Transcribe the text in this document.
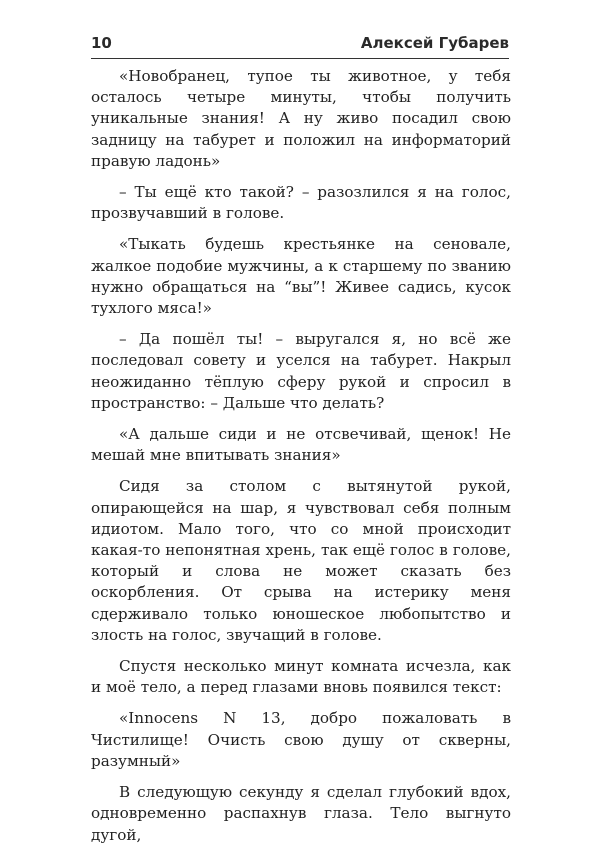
10	Алексей Губарев

«Новобранец, тупое ты животное, у тебя осталось четыре минуты, чтобы получить уникальные знания! А ну живо посадил свою задницу на табурет и положил на информаторий правую ладонь»

– Ты ещё кто такой? – разозлился я на голос, прозвучавший в голове.

«Тыкать будешь крестьянке на сеновале, жалкое подобие мужчины, а к старшему по званию нужно обращаться на “вы”! Живее садись, кусок тухлого мяса!»

– Да пошёл ты! – выругался я, но всё же последовал совету и уселся на табурет. Накрыл неожиданно тёплую сферу рукой и спросил в пространство: – Дальше что делать?

«А дальше сиди и не отсвечивай, щенок! Не мешай мне впитывать знания»

Сидя за столом с вытянутой рукой, опирающейся на шар, я чувствовал себя полным идиотом. Мало того, что со мной происходит какая-то непонятная хрень, так ещё голос в голове, который и слова не может сказать без оскорбления. От срыва на истерику меня сдерживало только юношеское любопытство и злость на голос, звучащий в голове.

Спустя несколько минут комната исчезла, как и моё тело, а перед глазами вновь появился текст:

«Innocens N 13, добро пожаловать в Чистилище! Очисть свою душу от скверны, разумный»

В следующую секунду я сделал глубокий вдох, одновременно распахнув глаза. Тело выгнуто дугой,
